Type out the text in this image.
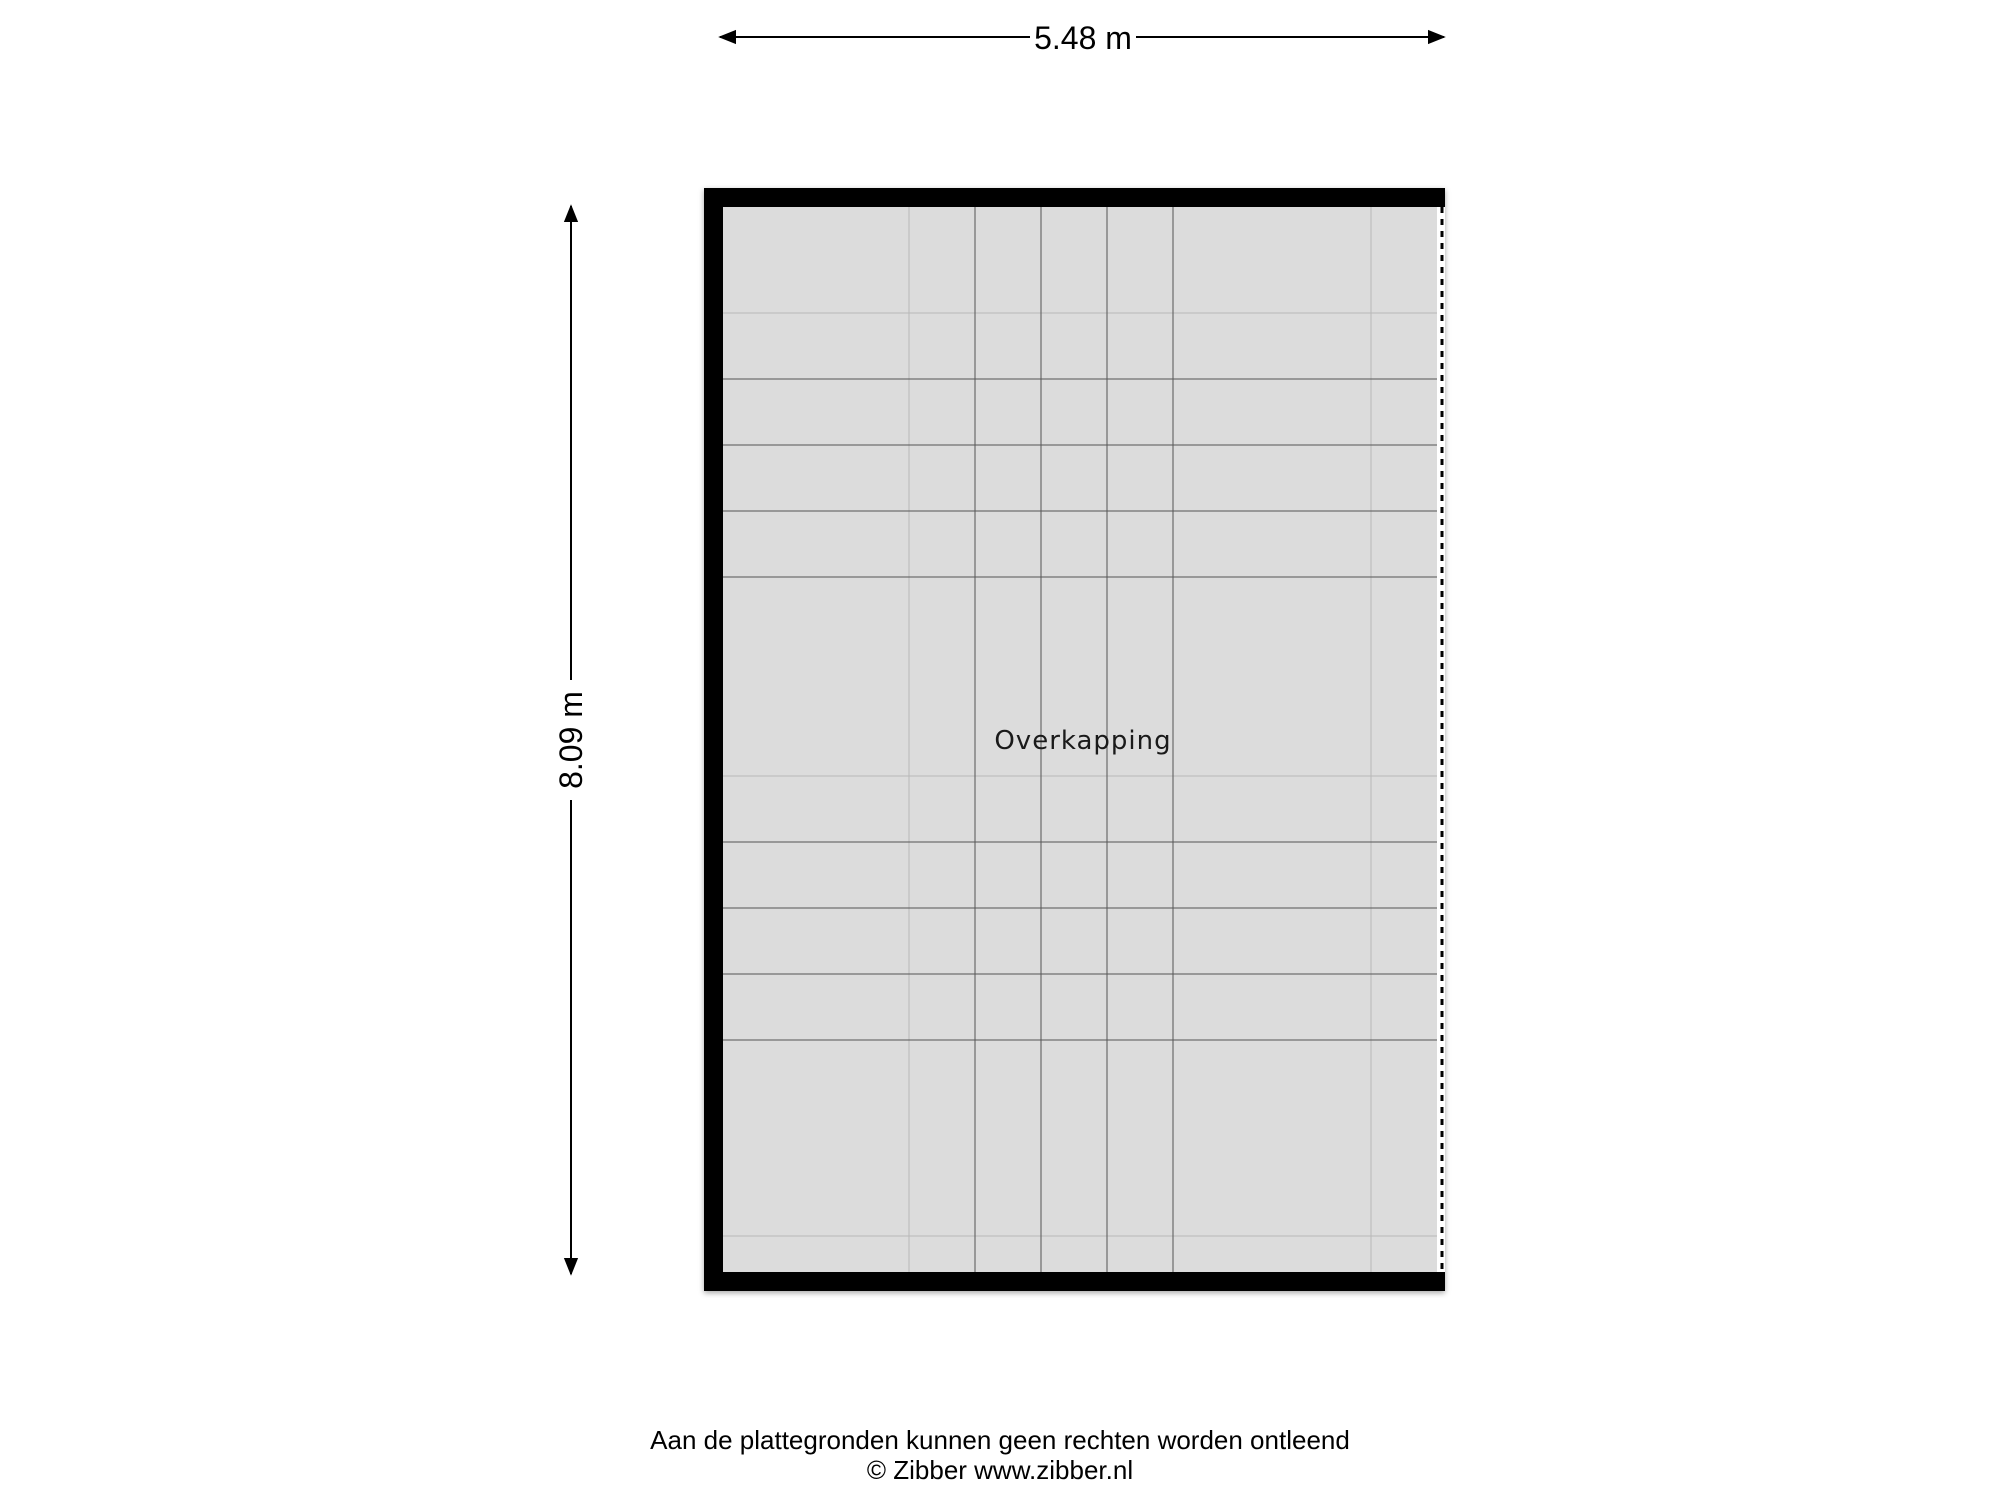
5.48 m
8.09 m	Overkapping
Aan de plattegronden kunnen geen rechten worden ontleend
© Zibber www.zibber.nl
